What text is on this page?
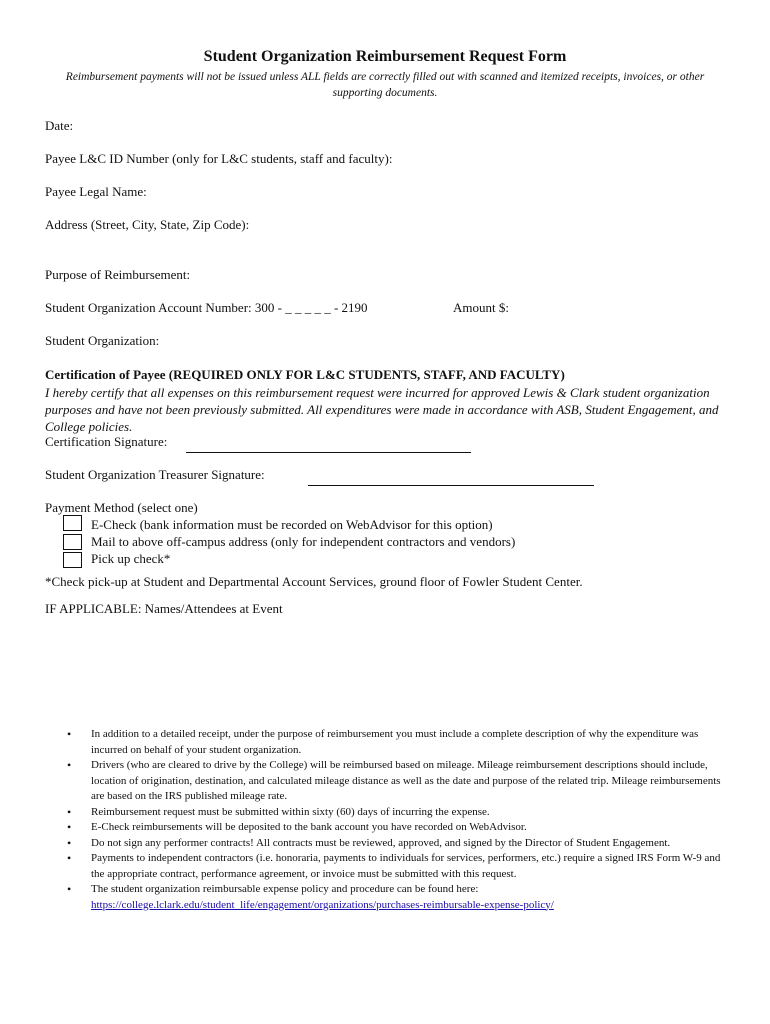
Student Organization Reimbursement Request Form
Reimbursement payments will not be issued unless ALL fields are correctly filled out with scanned and itemized receipts, invoices, or other supporting documents.
Date:
Payee L&C ID Number (only for L&C students, staff and faculty):
Payee Legal Name:
Address (Street, City, State, Zip Code):
Purpose of Reimbursement:
Student Organization Account Number: 300 - _ _ _ _ _ - 2190	Amount $:
Student Organization:
Certification of Payee (REQUIRED ONLY FOR L&C STUDENTS, STAFF, AND FACULTY)
I hereby certify that all expenses on this reimbursement request were incurred for approved Lewis & Clark student organization purposes and have not been previously submitted. All expenditures were made in accordance with ASB, Student Engagement, and College policies.
Certification Signature:
Student Organization Treasurer Signature:
Payment Method (select one)
E-Check (bank information must be recorded on WebAdvisor for this option)
Mail to above off-campus address (only for independent contractors and vendors)
Pick up check*
*Check pick-up at Student and Departmental Account Services, ground floor of Fowler Student Center.
IF APPLICABLE: Names/Attendees at Event
• In addition to a detailed receipt, under the purpose of reimbursement you must include a complete description of why the expenditure was incurred on behalf of your student organization.
• Drivers (who are cleared to drive by the College) will be reimbursed based on mileage. Mileage reimbursement descriptions should include, location of origination, destination, and calculated mileage distance as well as the date and purpose of the related trip. Mileage reimbursements are based on the IRS published mileage rate.
• Reimbursement request must be submitted within sixty (60) days of incurring the expense.
• E-Check reimbursements will be deposited to the bank account you have recorded on WebAdvisor.
• Do not sign any performer contracts! All contracts must be reviewed, approved, and signed by the Director of Student Engagement.
• Payments to independent contractors (i.e. honoraria, payments to individuals for services, performers, etc.) require a signed IRS Form W-9 and the appropriate contract, performance agreement, or invoice must be submitted with this request.
• The student organization reimbursable expense policy and procedure can be found here:
https://college.lclark.edu/student_life/engagement/organizations/purchases-reimbursable-expense-policy/
